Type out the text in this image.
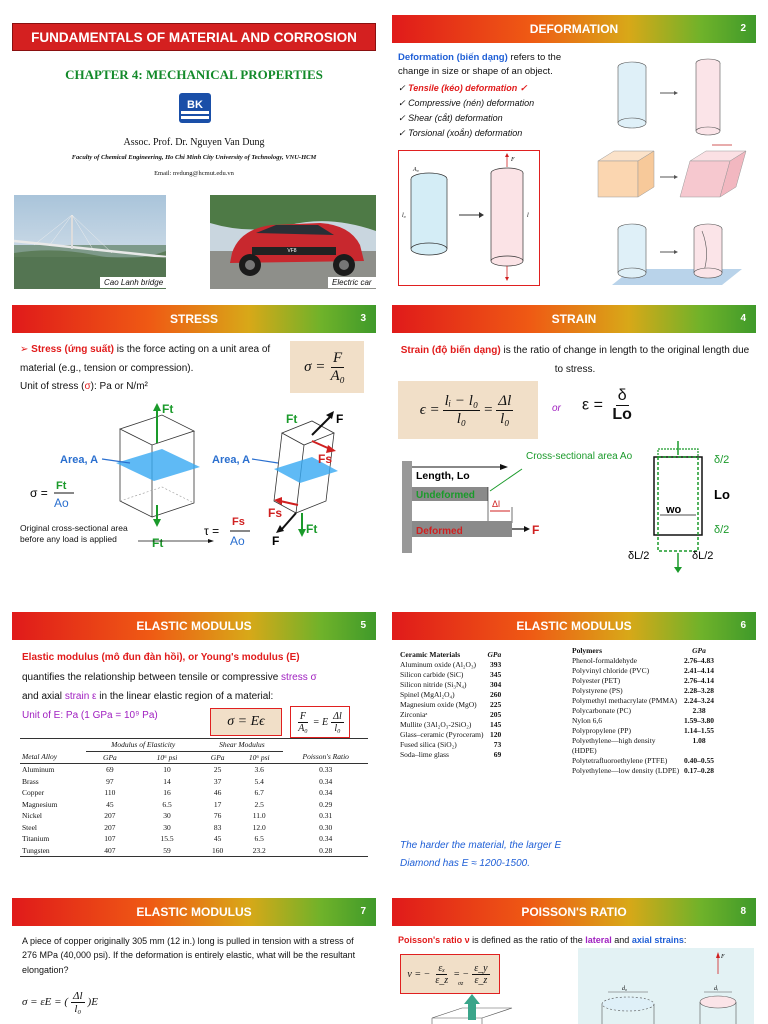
FUNDAMENTALS OF MATERIAL AND CORROSION
CHAPTER 4: MECHANICAL PROPERTIES
BK
Assoc. Prof. Dr. Nguyen Van Dung
Faculty of Chemical Engineering, Ho Chi Minh City University of Technology, VNU-HCM
Email: nvdung@hcmut.edu.vn
Cao Lanh bridge
VF8
Electric car
DEFORMATION	2
Deformation (biến dạng) refers to the change in size or shape of an object.
✓ Tensile (kéo) deformation ✓
✓ Compressive (nén) deformation
✓ Shear (cắt) deformation
✓ Torsional (xoắn) deformation
A₀
l₀
F
l
STRESS	3
➢ Stress (ứng suất) is the force acting on a unit area of material (e.g., tension or compression).
Unit of stress (σ): Pa or N/m²
$\sigma = \frac{F}{\text{A₀}}$
Ft
Ft
Area, A	Area, A
Ft	F
Fs
Fs
F
Ft
σ = Ft
Ao
τ =
Fs
Ao
Original cross-sectional area before any load is applied
STRAIN	4
Strain (độ biến dạng) is the ratio of change in length to the original length due to stress.
$\epsilon = \frac{\text{lᵢ − l₀}}{\text{l₀}} = \frac{\Delta l}{\text{l₀}}$	or $\varepsilon = \frac{\delta}{Lo}$
Length, Lo
Undeformed
Cross-sectional area Ao
Δl
Deformed	F
δ/2
Lo
δ/2
wo
δL/2	δL/2
ELASTIC MODULUS	5
Elastic modulus (mô đun đàn hồi), or Young's modulus (E)
quantifies the relationship between tensile or compressive stress σ
and axial strain ε in the linear elastic region of a material:
Unit of E: Pa (1 GPa = 10⁹ Pa)	σ = Eϵ	$\frac{F}{\text{A₀}} = E \frac{\Delta l}{\text{l₀}}$
	Modulus of Elasticity		Shear Modulus		
Metal Alloy	GPa	10⁶ psi	GPa	10⁶ psi	Poisson's Ratio
Aluminum	69	10	25	3.6	0.33
Brass	97	14	37	5.4	0.34
Copper	110	16	46	6.7	0.34
Magnesium	45	6.5	17	2.5	0.29
Nickel	207	30	76	11.0	0.31
Steel	207	30	83	12.0	0.30
Titanium	107	15.5	45	6.5	0.34
Tungsten	407	59	160	23.2	0.28
ELASTIC MODULUS	6
Ceramic Materials	GPa
Aluminum oxide (Al₂O₃)	393
Silicon carbide (SiC)	345
Silicon nitride (Si₃N₄)	304
Spinel (MgAl₂O₄)	260
Magnesium oxide (MgO)	225
Zirconiaᵃ	205
Mullite (3Al₂O₃-2SiO₂)	145
Glass–ceramic (Pyroceram)	120
Fused silica (SiO₂)	73
Soda–lime glass	69
Polymers	GPa
Phenol-formaldehyde	2.76–4.83
Polyvinyl chloride (PVC)	2.41–4.14
Polyester (PET)	2.76–4.14
Polystyrene (PS)	2.28–3.28
Polymethyl methacrylate (PMMA)	2.24–3.24
Polycarbonate (PC)	2.38
Nylon 6,6	1.59–3.80
Polypropylene (PP)	1.14–1.55
Polyethylene—high density (HDPE)	1.08
Polytetrafluoroethylene (PTFE)	0.40–0.55
Polyethylene—low density (LDPE)	0.17–0.28
The harder the material, the larger E
Diamond has E ≈ 1200-1500.
ELASTIC MODULUS	7
A piece of copper originally 305 mm (12 in.) long is pulled in tension with a stress of 276 MPa (40,000 psi). If the deformation is entirely elastic, what will be the resultant elongation?
σ = εE = ( $\frac{\Delta l}{\text{l₀}}$ ) E
POISSON'S RATIO	8
Poisson's ratio ν is defined as the ratio of the lateral and axial strains:
ν = − $\frac{\text{εₓ}}{\varepsilon\_z}$ = − $\frac{\varepsilon\_y}{\varepsilon\_z}$
σz
d₀
F
dᵢ
